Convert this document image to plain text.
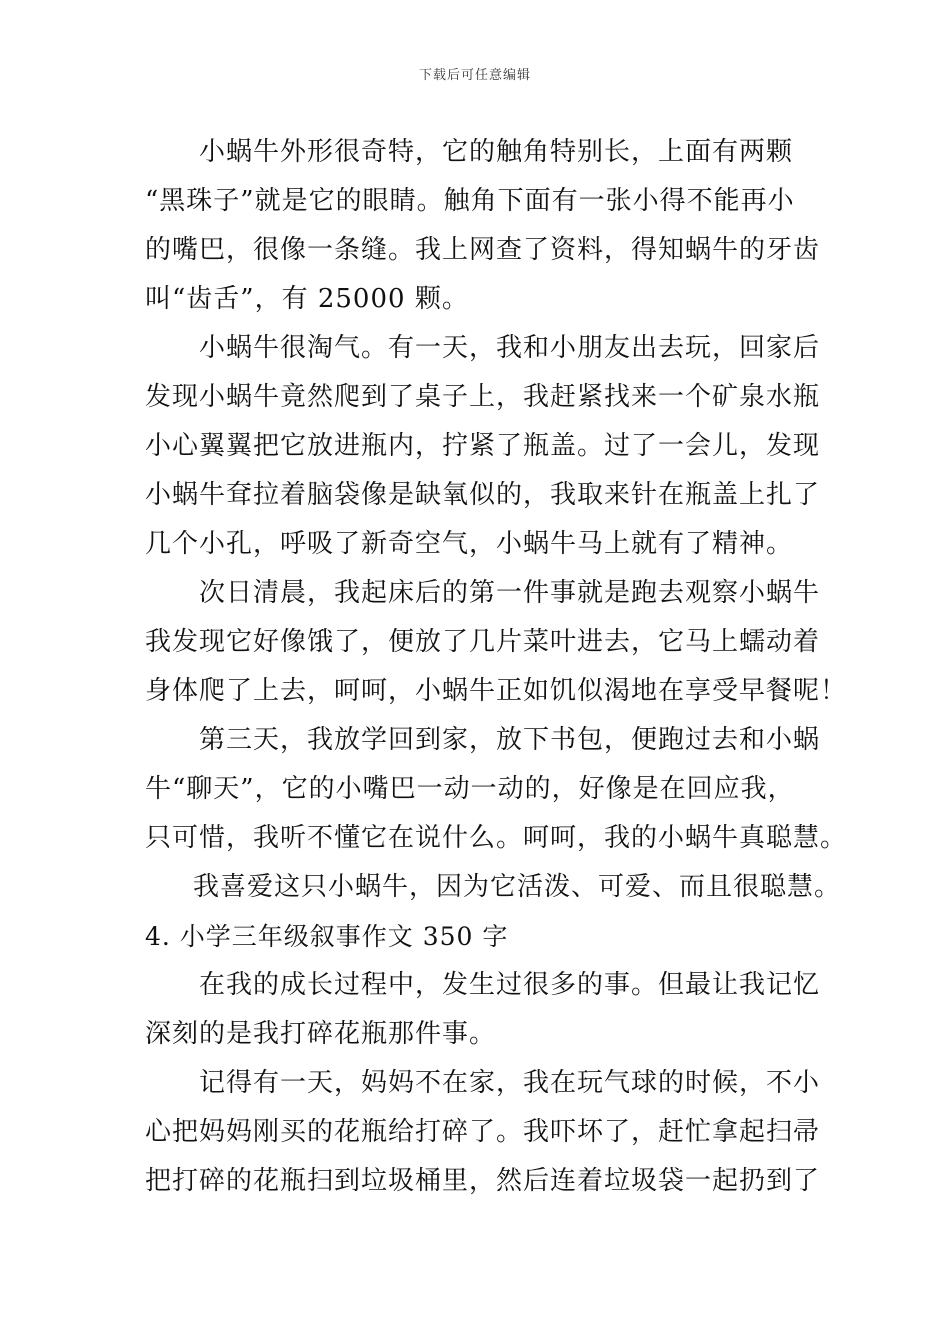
下载后可任意编辑
小蜗牛外形很奇特，它的触角特别长，上面有两颗
“黑珠子”就是它的眼睛。触角下面有一张小得不能再小
的嘴巴，很像一条缝。我上网查了资料，得知蜗牛的牙齿
叫“齿舌”，有 25000 颗。
小蜗牛很淘气。有一天，我和小朋友出去玩，回家后
发现小蜗牛竟然爬到了桌子上，我赶紧找来一个矿泉水瓶
小心翼翼把它放进瓶内，拧紧了瓶盖。过了一会儿，发现
小蜗牛耷拉着脑袋像是缺氧似的，我取来针在瓶盖上扎了
几个小孔，呼吸了新奇空气，小蜗牛马上就有了精神。
次日清晨，我起床后的第一件事就是跑去观察小蜗牛
我发现它好像饿了，便放了几片菜叶进去，它马上蠕动着
身体爬了上去，呵呵，小蜗牛正如饥似渴地在享受早餐呢！
第三天，我放学回到家，放下书包，便跑过去和小蜗
牛“聊天”，它的小嘴巴一动一动的，好像是在回应我，
只可惜，我听不懂它在说什么。呵呵，我的小蜗牛真聪慧。
我喜爱这只小蜗牛，因为它活泼、可爱、而且很聪慧。
4. 小学三年级叙事作文 350 字
在我的成长过程中，发生过很多的事。但最让我记忆
深刻的是我打碎花瓶那件事。
记得有一天，妈妈不在家，我在玩气球的时候，不小
心把妈妈刚买的花瓶给打碎了。我吓坏了，赶忙拿起扫帚
把打碎的花瓶扫到垃圾桶里，然后连着垃圾袋一起扔到了
